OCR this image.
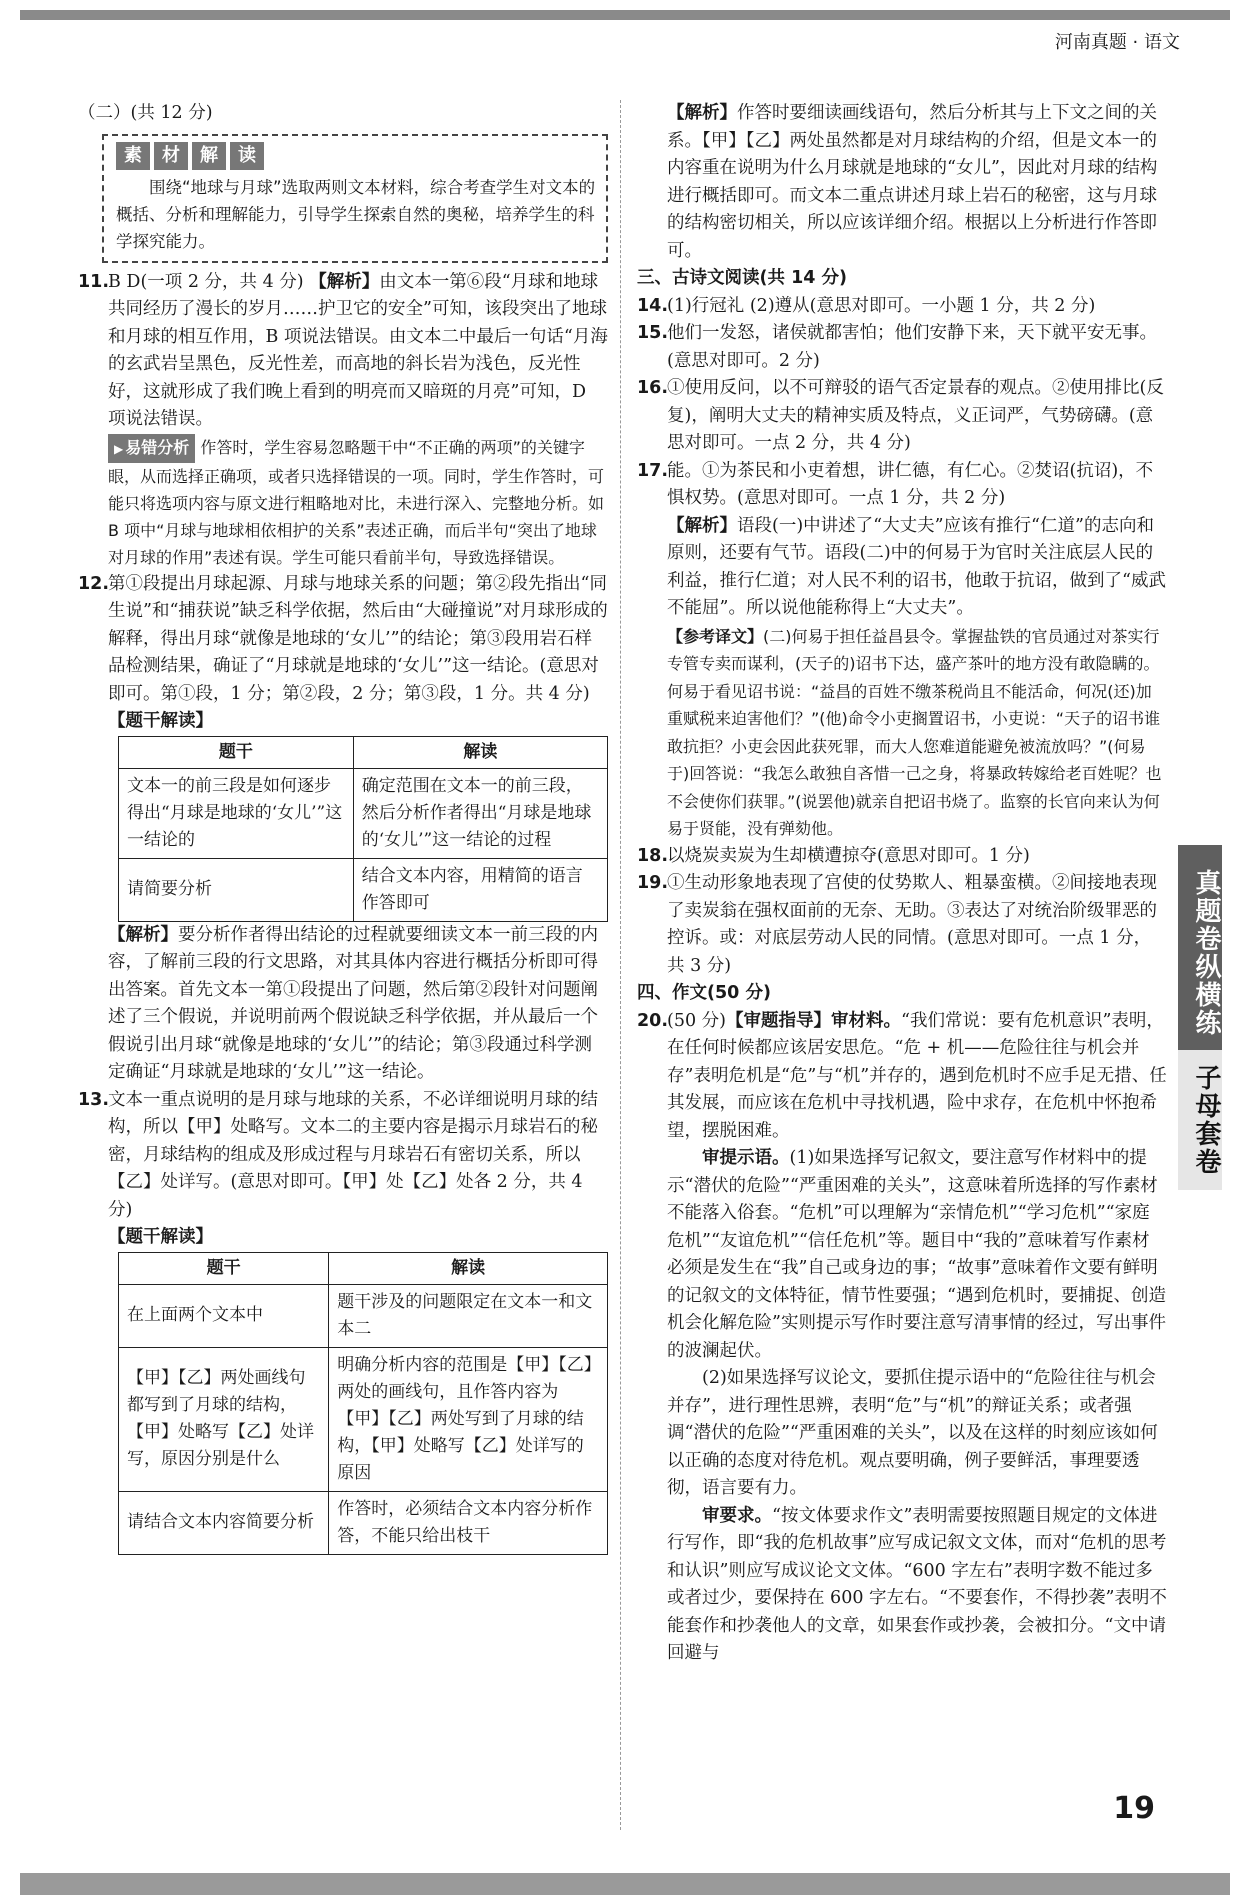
河南真题 · 语文
真题卷纵横练
子母套卷

（二）(共 12 分)

素	材	解	读

围绕“地球与月球”选取两则文本材料，综合考查学生对文本的概括、分析和理解能力，引导学生探索自然的奥秘，培养学生的科学探究能力。

11.
B D(一项 2 分，共 4 分) 【解析】由文本一第⑥段“月球和地球共同经历了漫长的岁月……护卫它的安全”可知，该段突出了地球和月球的相互作用，B 项说法错误。由文本二中最后一句话“月海的玄武岩呈黑色，反光性差，而高地的斜长岩为浅色，反光性好，这就形成了我们晚上看到的明亮而又暗斑的月亮”可知，D 项说法错误。

▶ 易错分析 作答时，学生容易忽略题干中“不正确的两项”的关键字眼，从而选择正确项，或者只选择错误的一项。同时，学生作答时，可能只将选项内容与原文进行粗略地对比，未进行深入、完整地分析。如 B 项中“月球与地球相依相护的关系”表述正确，而后半句“突出了地球对月球的作用”表述有误。学生可能只看前半句，导致选择错误。

12.
第①段提出月球起源、月球与地球关系的问题；第②段先指出“同生说”和“捕获说”缺乏科学依据，然后由“大碰撞说”对月球形成的解释，得出月球“就像是地球的‘女儿’”的结论；第③段用岩石样品检测结果，确证了“月球就是地球的‘女儿’”这一结论。(意思对即可。第①段，1 分；第②段，2 分；第③段，1 分。共 4 分)

【题干解读】

题干	解读
文本一的前三段是如何逐步得出“月球是地球的‘女儿’”这一结论的	确定范围在文本一的前三段，然后分析作者得出“月球是地球的‘女儿’”这一结论的过程
请简要分析	结合文本内容，用精简的语言作答即可

【解析】要分析作者得出结论的过程就要细读文本一前三段的内容，了解前三段的行文思路，对其具体内容进行概括分析即可得出答案。首先文本一第①段提出了问题，然后第②段针对问题阐述了三个假说，并说明前两个假说缺乏科学依据，并从最后一个假说引出月球“就像是地球的‘女儿’”的结论；第③段通过科学测定确证“月球就是地球的‘女儿’”这一结论。

13.
文本一重点说明的是月球与地球的关系，不必详细说明月球的结构，所以【甲】处略写。文本二的主要内容是揭示月球岩石的秘密，月球结构的组成及形成过程与月球岩石有密切关系，所以【乙】处详写。(意思对即可。【甲】处【乙】处各 2 分，共 4 分)

【题干解读】

题干	解读
在上面两个文本中	题干涉及的问题限定在文本一和文本二
【甲】【乙】两处画线句都写到了月球的结构，【甲】处略写【乙】处详写，原因分别是什么	明确分析内容的范围是【甲】【乙】两处的画线句，且作答内容为【甲】【乙】两处写到了月球的结构，【甲】处略写【乙】处详写的原因
请结合文本内容简要分析	作答时，必须结合文本内容分析作答，不能只给出枝干

【解析】作答时要细读画线语句，然后分析其与上下文之间的关系。【甲】【乙】两处虽然都是对月球结构的介绍，但是文本一的内容重在说明为什么月球就是地球的“女儿”，因此对月球的结构进行概括即可。而文本二重点讲述月球上岩石的秘密，这与月球的结构密切相关，所以应该详细介绍。根据以上分析进行作答即可。

三、古诗文阅读(共 14 分)

14.
(1)行冠礼 (2)遵从(意思对即可。一小题 1 分，共 2 分)
15.
他们一发怒，诸侯就都害怕；他们安静下来，天下就平安无事。(意思对即可。2 分)
16.
①使用反问，以不可辩驳的语气否定景春的观点。②使用排比(反复)，阐明大丈夫的精神实质及特点，义正词严，气势磅礴。(意思对即可。一点 2 分，共 4 分)
17.
能。①为茶民和小吏着想，讲仁德，有仁心。②焚诏(抗诏)，不惧权势。(意思对即可。一点 1 分，共 2 分)

【解析】语段(一)中讲述了“大丈夫”应该有推行“仁道”的志向和原则，还要有气节。语段(二)中的何易于为官时关注底层人民的利益，推行仁道；对人民不利的诏书，他敢于抗诏，做到了“威武不能屈”。所以说他能称得上“大丈夫”。

【参考译文】(二)何易于担任益昌县令。掌握盐铁的官员通过对茶实行专管专卖而谋利，(天子的)诏书下达，盛产茶叶的地方没有敢隐瞒的。何易于看见诏书说：“益昌的百姓不缴茶税尚且不能活命，何况(还)加重赋税来迫害他们？”(他)命令小吏搁置诏书，小吏说：“天子的诏书谁敢抗拒？小吏会因此获死罪，而大人您难道能避免被流放吗？”(何易于)回答说：“我怎么敢独自吝惜一己之身，将暴政转嫁给老百姓呢？也不会使你们获罪。”(说罢他)就亲自把诏书烧了。监察的长官向来认为何易于贤能，没有弹劾他。

18.
以烧炭卖炭为生却横遭掠夺(意思对即可。1 分)
19.
①生动形象地表现了宫使的仗势欺人、粗暴蛮横。②间接地表现了卖炭翁在强权面前的无奈、无助。③表达了对统治阶级罪恶的控诉。或：对底层劳动人民的同情。(意思对即可。一点 1 分，共 3 分)

四、作文(50 分)

20.
(50 分)【审题指导】审材料。“我们常说：要有危机意识”表明，在任何时候都应该居安思危。“危 + 机——危险往往与机会并存”表明危机是“危”与“机”并存的，遇到危机时不应手足无措、任其发展，而应该在危机中寻找机遇，险中求存，在危机中怀抱希望，摆脱困难。

审提示语。(1)如果选择写记叙文，要注意写作材料中的提示“潜伏的危险”“严重困难的关头”，这意味着所选择的写作素材不能落入俗套。“危机”可以理解为“亲情危机”“学习危机”“家庭危机”“友谊危机”“信任危机”等。题目中“我的”意味着写作素材必须是发生在“我”自己或身边的事；“故事”意味着作文要有鲜明的记叙文的文体特征，情节性要强；“遇到危机时，要捕捉、创造机会化解危险”实则提示写作时要注意写清事情的经过，写出事件的波澜起伏。

(2)如果选择写议论文，要抓住提示语中的“危险往往与机会并存”，进行理性思辨，表明“危”与“机”的辩证关系；或者强调“潜伏的危险”“严重困难的关头”，以及在这样的时刻应该如何以正确的态度对待危机。观点要明确，例子要鲜活，事理要透彻，语言要有力。

审要求。“按文体要求作文”表明需要按照题目规定的文体进行写作，即“我的危机故事”应写成记叙文文体，而对“危机的思考和认识”则应写成议论文文体。“600 字左右”表明字数不能过多或者过少，要保持在 600 字左右。“不要套作，不得抄袭”表明不能套作和抄袭他人的文章，如果套作或抄袭，会被扣分。“文中请回避与

19
